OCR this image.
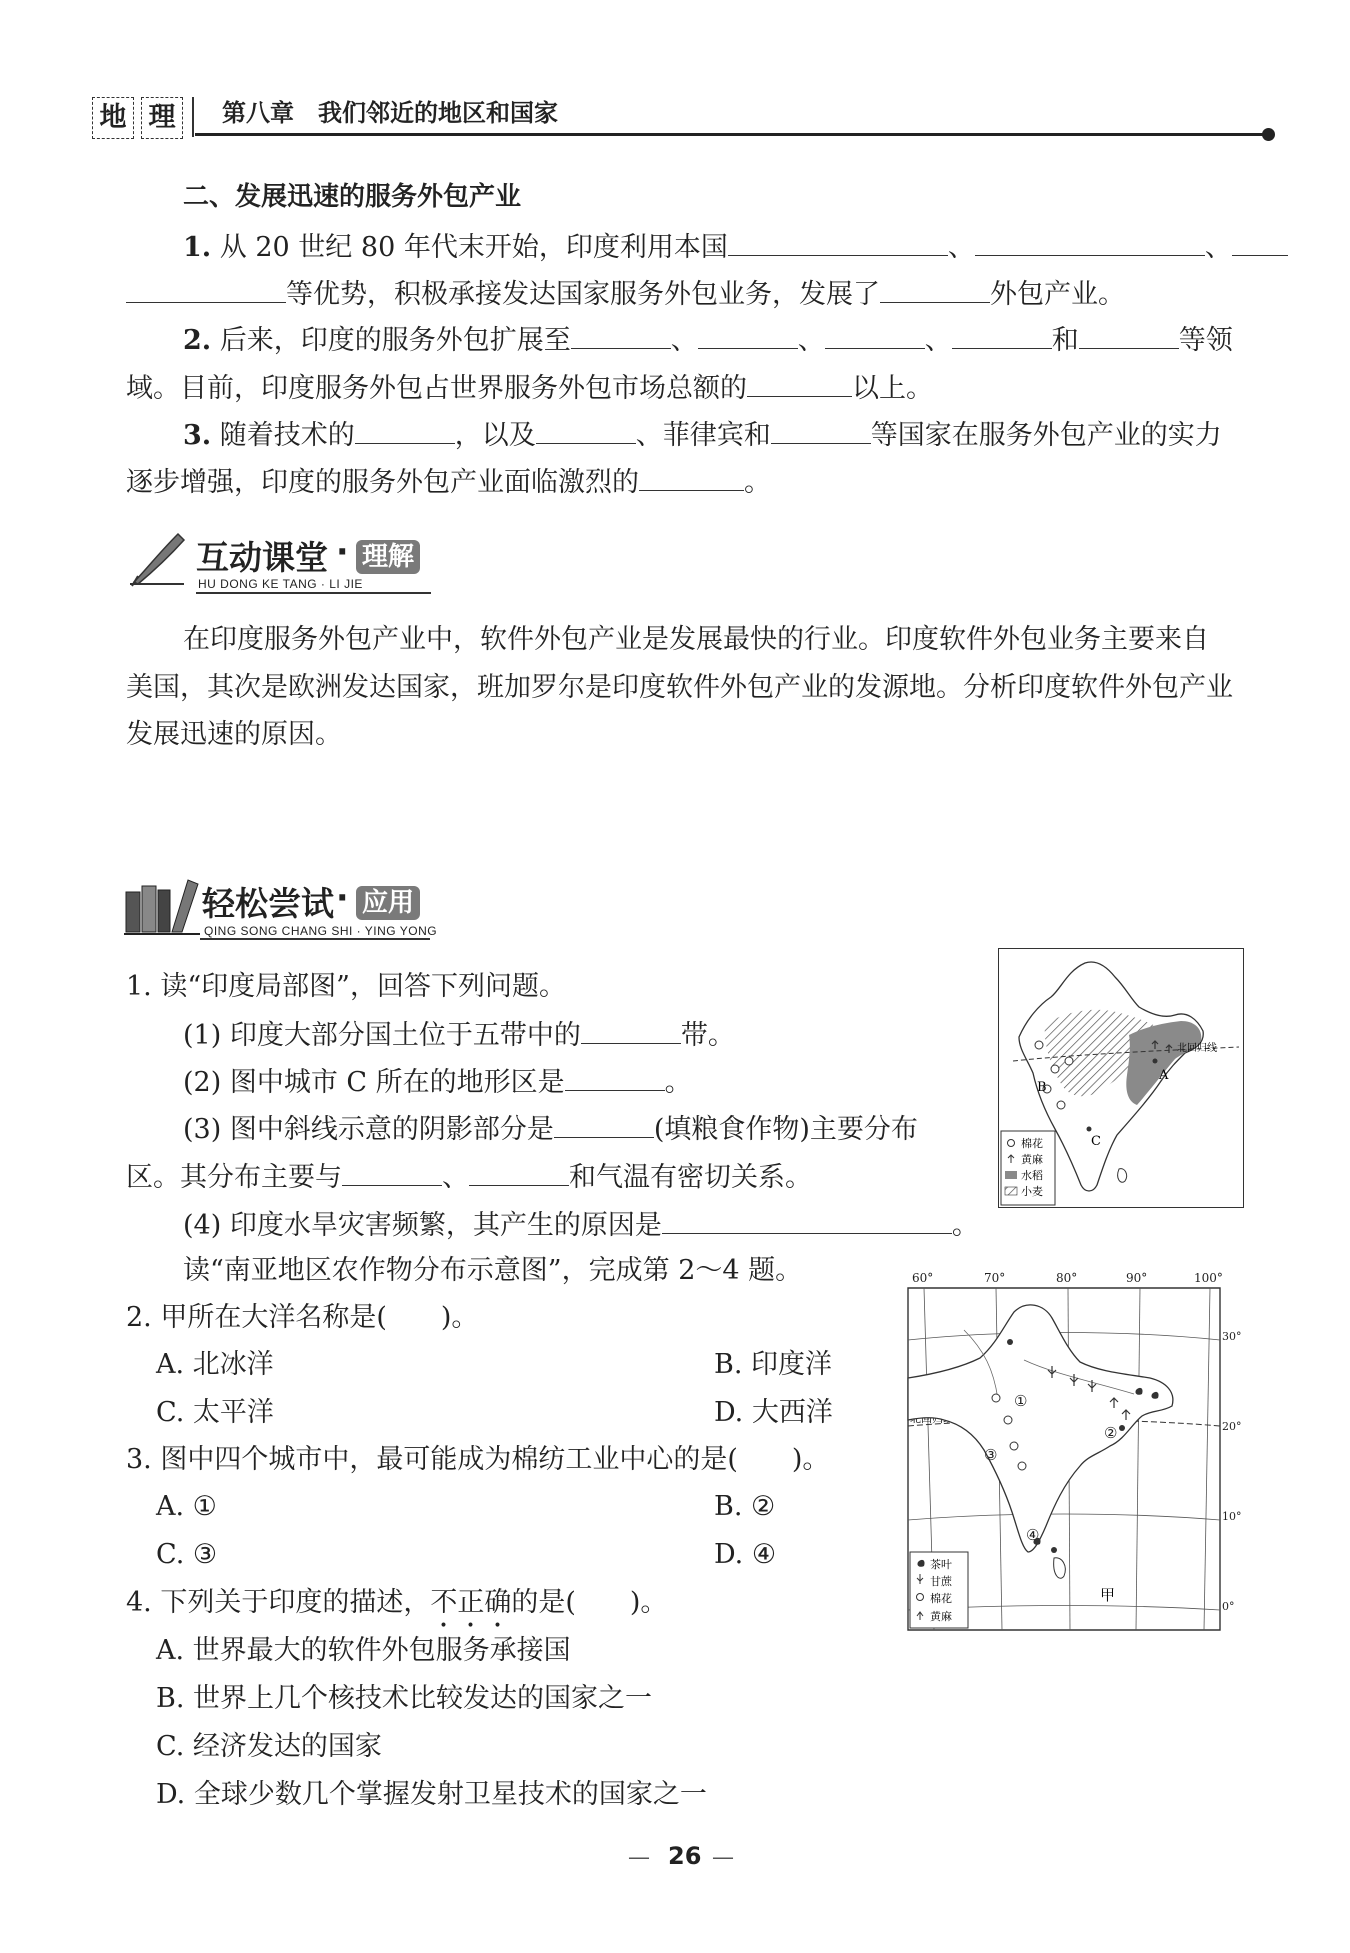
地 理	第八章　我们邻近的地区和国家
二、发展迅速的服务外包产业
1. 从 20 世纪 80 年代末开始，印度利用本国	、	、
等优势，积极承接发达国家服务外包业务，发展了	外包产业。
2. 后来，印度的服务外包扩展至	、	、	、	和	等领
域。目前，印度服务外包占世界服务外包市场总额的	以上。
3. 随着技术的	，以及	、菲律宾和	等国家在服务外包产业的实力
逐步增强，印度的服务外包产业面临激烈的	。
互动课堂 · 理解
HU DONG KE TANG · LI JIE
在印度服务外包产业中，软件外包产业是发展最快的行业。印度软件外包业务主要来自
美国，其次是欧洲发达国家，班加罗尔是印度软件外包产业的发源地。分析印度软件外包产业
发展迅速的原因。
轻松尝试 · 应用
QING SONG CHANG SHI · YING YONG
1. 读“印度局部图”，回答下列问题。
(1) 印度大部分国土位于五带中的	带。
(2) 图中城市 C 所在的地形区是	。
(3) 图中斜线示意的阴影部分是	(填粮食作物)主要分布
区。其分布主要与	、	和气温有密切关系。
(4) 印度水旱灾害频繁，其产生的原因是	。
读“南亚地区农作物分布示意图”，完成第 2～4 题。
2. 甲所在大洋名称是(　　)。
A. 北冰洋	B. 印度洋
C. 太平洋	D. 大西洋
3. 图中四个城市中，最可能成为棉纺工业中心的是(　　)。
A. ①	B. ②
C. ③	D. ④
4. 下列关于印度的描述，不正确的是(　　)。
A. 世界最大的软件外包服务承接国
B. 世界上几个核技术比较发达的国家之一
C. 经济发达的国家
D. 全球少数几个掌握发射卫星技术的国家之一
北回归线
A
B
C
棉花
黄麻
水稻
小麦
60°	70°	80°	90°	100°
30°
20°
10°
0°
①
②
③
④
甲
茶叶
甘蔗
棉花
黄麻
— 26 —
